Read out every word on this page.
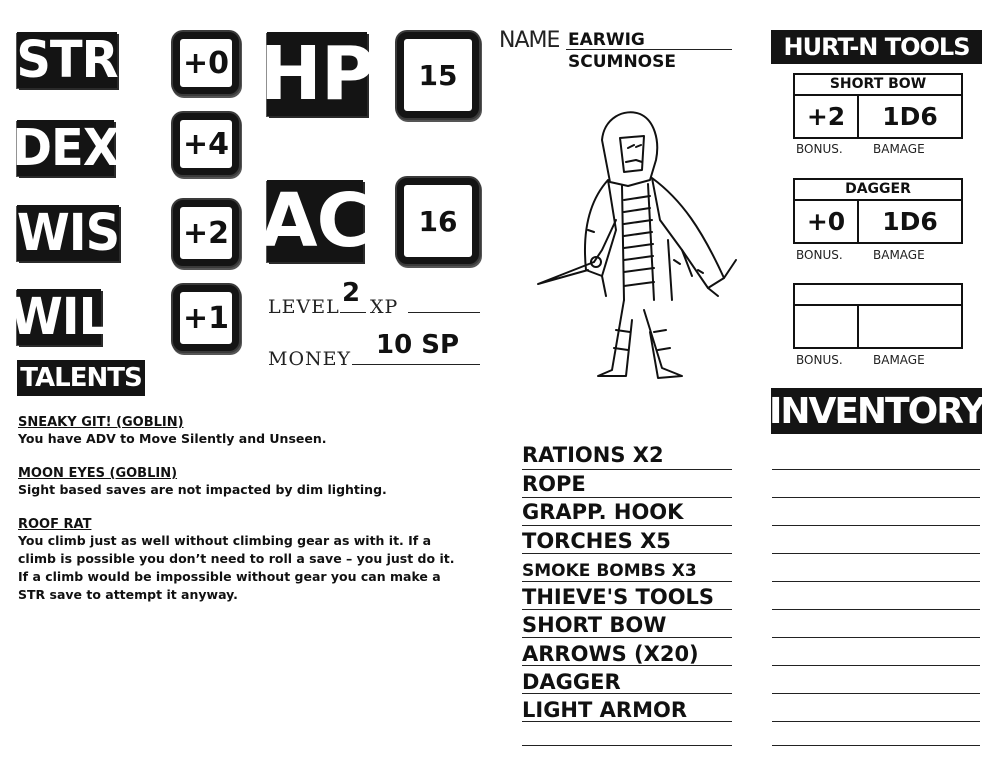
STR +0
DEX +4
WIS +2
WIL +1
HP 15
AC 16
LEVEL 2 XP
MONEY 10 SP
TALENTS
SNEAKY GIT! (GOBLIN)
You have ADV to Move Silently and Unseen.
MOON EYES (GOBLIN)
Sight based saves are not impacted by dim lighting.
ROOF RAT
You climb just as well without climbing gear as with it. If a climb is possible you don’t need to roll a save – you just do it. If a climb would be impossible without gear you can make a STR save to attempt it anyway.
NAME EARWIG
SCUMNOSE
HURT-N TOOLS
SHORT BOW
+2	1D6
BONUS.	BAMAGE
DAGGER
+0	1D6
BONUS.	BAMAGE
BONUS.	BAMAGE
INVENTORY
RATIONS X2
ROPE
GRAPP. HOOK
TORCHES X5
SMOKE BOMBS X3
THIEVE'S TOOLS
SHORT BOW
ARROWS (X20)
DAGGER
LIGHT ARMOR
